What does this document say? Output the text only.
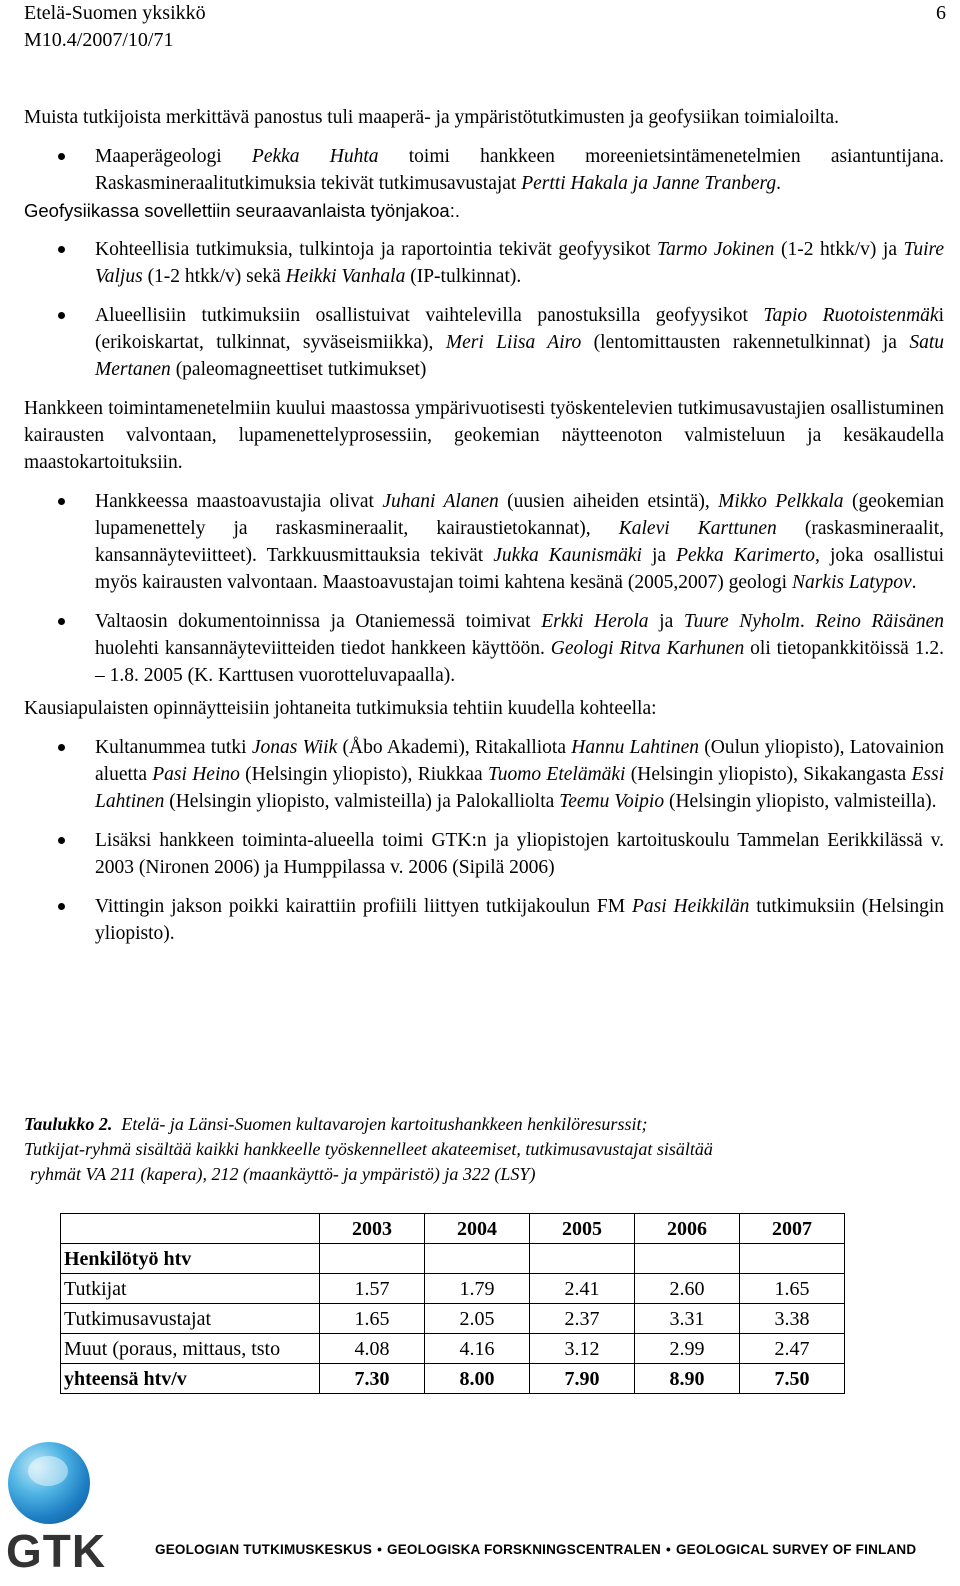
Etelä-Suomen yksikkö
M10.4/2007/10/71
6

Muista tutkijoista merkittävä panostus tuli maaperä- ja ympäristötutkimusten ja geofysiikan toimialoilta.

Maaperägeologi Pekka Huhta toimi hankkeen moreenietsintämenetelmien asiantuntijana. Raskasmineraalitutkimuksia tekivät tutkimusavustajat Pertti Hakala ja Janne Tranberg.

Geofysiikassa sovellettiin seuraavanlaista työnjakoa:.

Kohteellisia tutkimuksia, tulkintoja ja raportointia tekivät geofyysikot Tarmo Jokinen (1-2 htkk/v) ja Tuire Valjus (1-2 htkk/v) sekä Heikki Vanhala (IP-tulkinnat).
Alueellisiin tutkimuksiin osallistuivat vaihtelevilla panostuksilla geofyysikot Tapio Ruotoistenmäki (erikoiskartat, tulkinnat, syväseismiikka), Meri Liisa Airo (lentomittausten rakennetulkinnat) ja Satu Mertanen (paleomagneettiset tutkimukset)

Hankkeen toimintamenetelmiin kuului maastossa ympärivuotisesti työskentelevien tutkimusavustajien osallistuminen kairausten valvontaan, lupamenettelyprosessiin, geokemian näytteenoton valmisteluun ja kesäkaudella maastokartoituksiin.

Hankkeessa maastoavustajia olivat Juhani Alanen (uusien aiheiden etsintä), Mikko Pelkkala (geokemian lupamenettely ja raskasmineraalit, kairaustietokannat), Kalevi Karttunen (raskasmineraalit, kansannäyteviitteet). Tarkkuusmittauksia tekivät Jukka Kaunismäki ja Pekka Karimerto, joka osallistui myös kairausten valvontaan. Maastoavustajan toimi kahtena kesänä (2005,2007) geologi Narkis Latypov.
Valtaosin dokumentoinnissa ja Otaniemessä toimivat Erkki Herola ja Tuure Nyholm. Reino Räisänen huolehti kansannäyteviitteiden tiedot hankkeen käyttöön. Geologi Ritva Karhunen oli tietopankkitöissä 1.2. – 1.8. 2005 (K. Karttusen vuorotteluvapaalla).

Kausiapulaisten opinnäytteisiin johtaneita tutkimuksia tehtiin kuudella kohteella:

Kultanummea tutki Jonas Wiik (Åbo Akademi), Ritakalliota Hannu Lahtinen (Oulun yliopisto), Latovainion aluetta Pasi Heino (Helsingin yliopisto), Riukkaa Tuomo Etelämäki (Helsingin yliopisto), Sikakangasta Essi Lahtinen (Helsingin yliopisto, valmisteilla) ja Palokalliolta Teemu Voipio (Helsingin yliopisto, valmisteilla).
Lisäksi hankkeen toiminta-alueella toimi GTK:n ja yliopistojen kartoituskoulu Tammelan Eerikkilässä v. 2003 (Nironen 2006) ja Humppilassa v. 2006 (Sipilä 2006)
Vittingin jakson poikki kairattiin profiili liittyen tutkijakoulun FM Pasi Heikkilän tutkimuksiin (Helsingin yliopisto).
Taulukko 2. Etelä- ja Länsi-Suomen kultavarojen kartoitushankkeen henkilöresurssit;
Tutkijat-ryhmä sisältää kaikki hankkeelle työskennelleet akateemiset, tutkimusavustajat sisältää
ryhmät VA 211 (kapera), 212 (maankäyttö- ja ympäristö) ja 322 (LSY)
	2003	2004	2005	2006	2007
Henkilötyö htv					
Tutkijat	1.57	1.79	2.41	2.60	1.65
Tutkimusavustajat	1.65	2.05	2.37	3.31	3.38
Muut (poraus, mittaus, tsto	4.08	4.16	3.12	2.99	2.47
yhteensä htv/v	7.30	8.00	7.90	8.90	7.50
GTK	GEOLOGIAN TUTKIMUSKESKUS • GEOLOGISKA FORSKNINGSCENTRALEN • GEOLOGICAL SURVEY OF FINLAND
